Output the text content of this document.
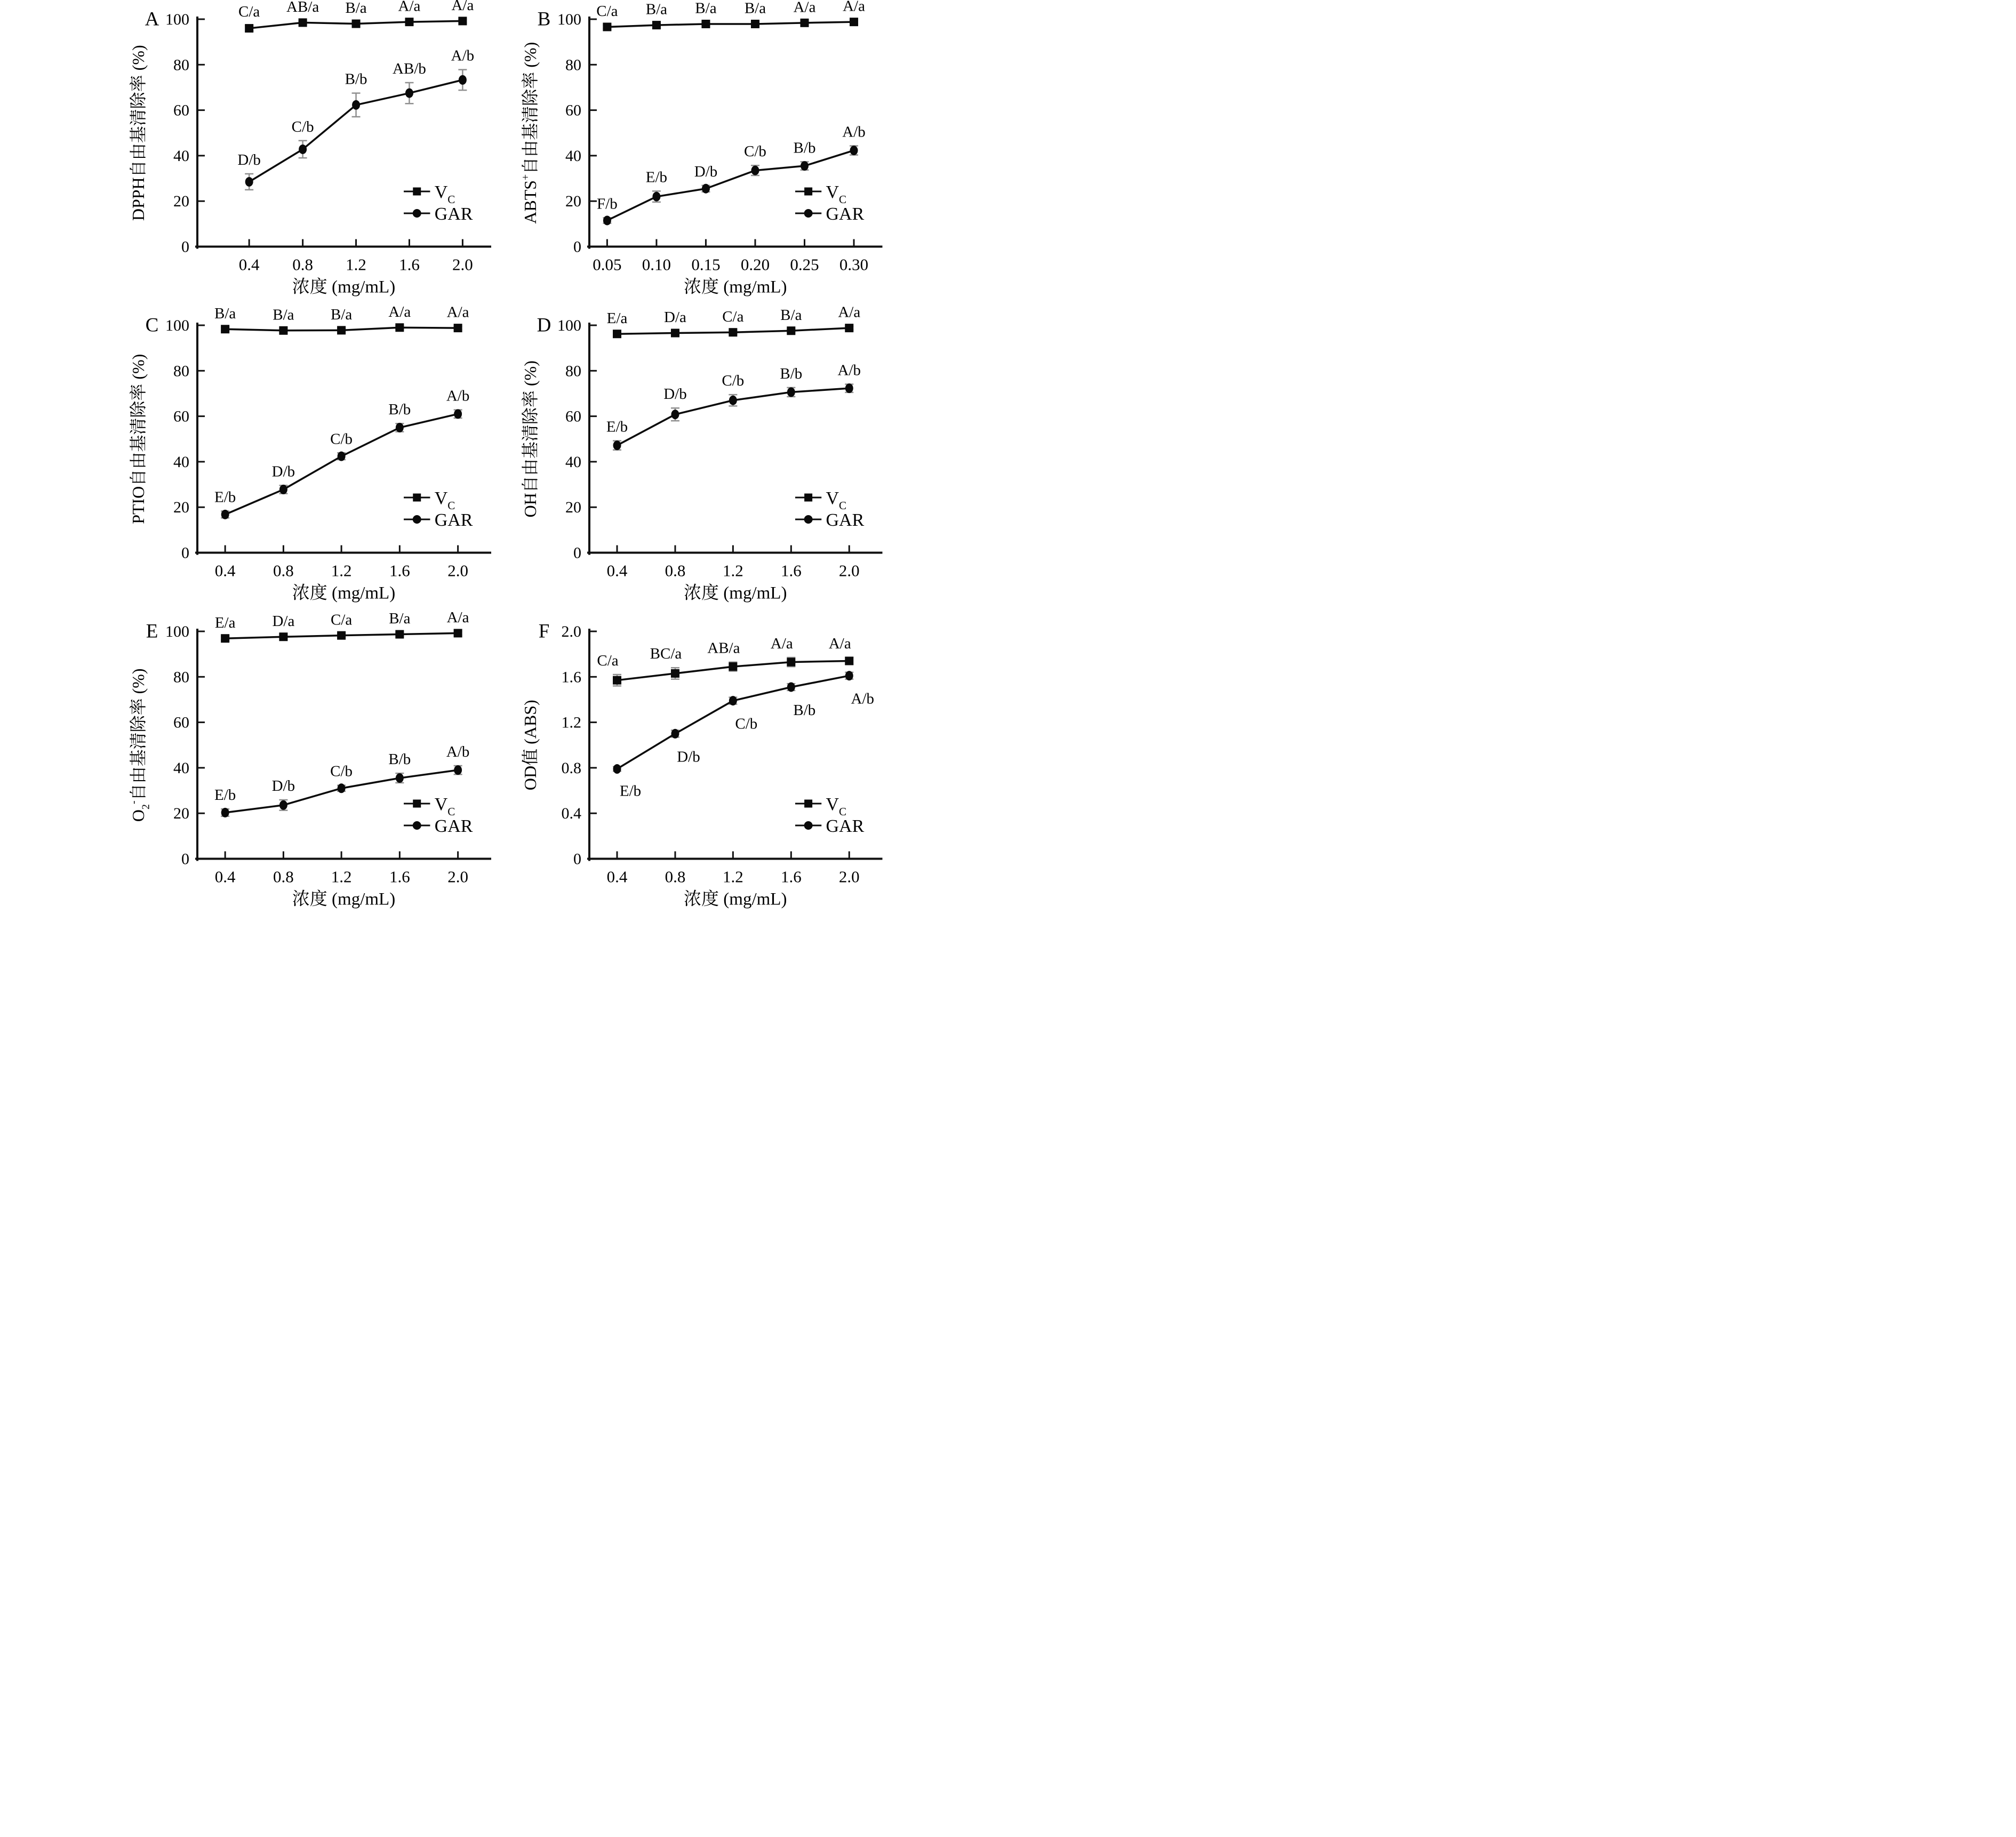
0
20
40
60
80
100
0.4 0.8 1.2 1.6 2.0
浓度 (mg/mL)
DPPH自由基清除率 (%)
A
$V_C$
GAR
C/a AB/a B/a A/a A/a
D/b
C/b
B/b
AB/b
A/b
0
20
40
60
80
100
0.05 0.10 0.15 0.20 0.25 0.30
浓度 (mg/mL)
ABTS+自由基清除率 (%)
B
$V_C$
GAR
C/a B/a B/a B/a A/a A/a
F/b
E/b D/b
C/b B/b
A/b
0
20
40
60
80
100
0.4 0.8 1.2 1.6 2.0
浓度 (mg/mL)
PTIO自由基清除率 (%)
C
$V_C$
GAR
B/a B/a B/a A/a A/a
E/b
D/b
C/b
B/b
A/b
0
20
40
60
80
100
0.4 0.8 1.2 1.6 2.0
浓度 (mg/mL)
OH自由基清除率 (%)
D
$V_C$
GAR
E/a D/a C/a B/a A/a
E/b
D/b
C/b B/b A/b
0
20
40
60
80
100
0.4 0.8 1.2 1.6 2.0
浓度 (mg/mL)
$O_2^-$自由基清除率 (%)
E
$V_C$
GAR
E/a D/a C/a B/a A/a
E/b
D/b
C/b
B/b A/b
0
0.4
0.8
1.2
1.6
2.0
0.4 0.8 1.2 1.6 2.0
浓度 (mg/mL)
OD值 (ABS)
F
$V_C$
GAR
C/a BC/a AB/a A/a A/a
E/b
D/b
C/b
B/b
A/b
